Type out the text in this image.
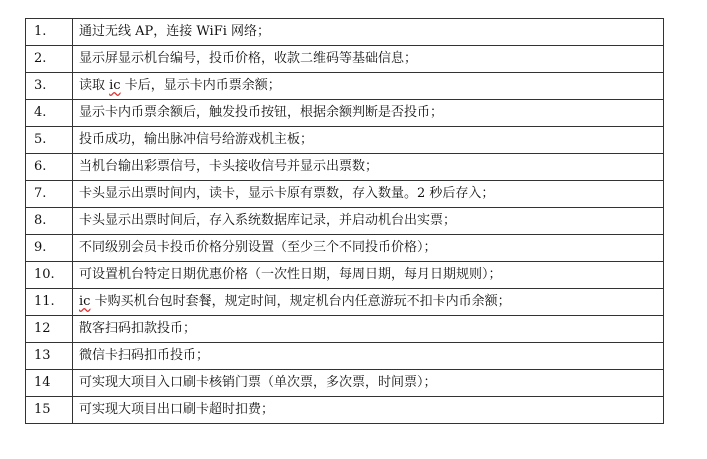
1.	通过无线 AP，连接 WiFi 网络；
2.	显示屏显示机台编号，投币价格，收款二维码等基础信息；
3.	读取 ic 卡后，显示卡内币票余额；
4.	显示卡内币票余额后，触发投币按钮，根据余额判断是否投币；
5.	投币成功，输出脉冲信号给游戏机主板；
6.	当机台输出彩票信号，卡头接收信号并显示出票数；
7.	卡头显示出票时间内，读卡，显示卡原有票数，存入数量。2 秒后存入；
8.	卡头显示出票时间后，存入系统数据库记录，并启动机台出实票；
9.	不同级别会员卡投币价格分别设置（至少三个不同投币价格）；
10.	可设置机台特定日期优惠价格（一次性日期，每周日期，每月日期规则）；
11.	ic 卡购买机台包时套餐，规定时间，规定机台内任意游玩不扣卡内币余额；
12	散客扫码扣款投币；
13	微信卡扫码扣币投币；
14	可实现大项目入口刷卡核销门票（单次票，多次票，时间票）；
15	可实现大项目出口刷卡超时扣费；
